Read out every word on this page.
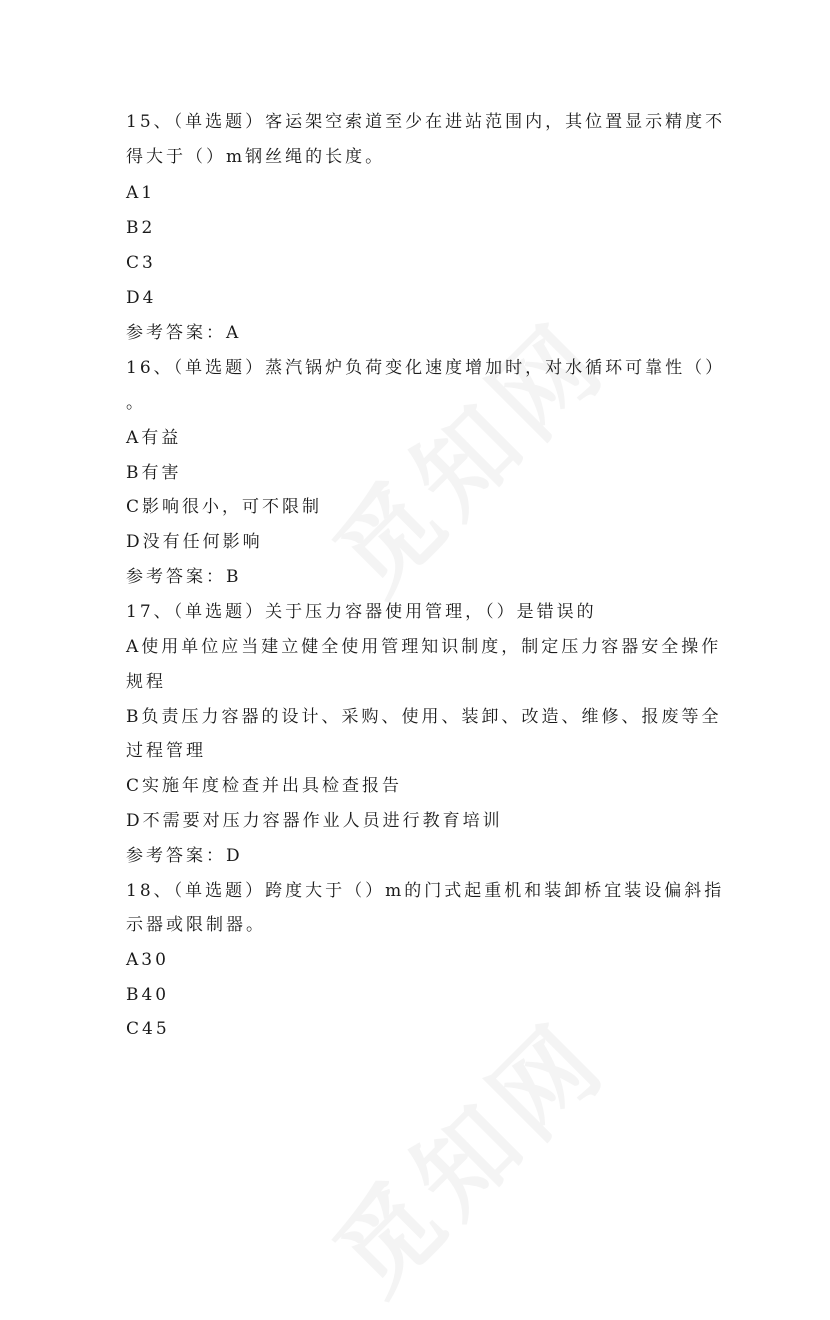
15、（单选题）客运架空索道至少在进站范围内，其位置显示精度不
得大于（）m钢丝绳的长度。
A1
B2
C3
D4
参考答案：A
16、（单选题）蒸汽锅炉负荷变化速度增加时，对水循环可靠性（）
。
A有益
B有害
C影响很小，可不限制
D没有任何影响
参考答案：B
17、（单选题）关于压力容器使用管理，（）是错误的
A使用单位应当建立健全使用管理知识制度，制定压力容器安全操作
规程
B负责压力容器的设计、采购、使用、装卸、改造、维修、报废等全
过程管理
C实施年度检查并出具检查报告
D不需要对压力容器作业人员进行教育培训
参考答案：D
18、（单选题）跨度大于（）m的门式起重机和装卸桥宜装设偏斜指
示器或限制器。
A30
B40
C45
